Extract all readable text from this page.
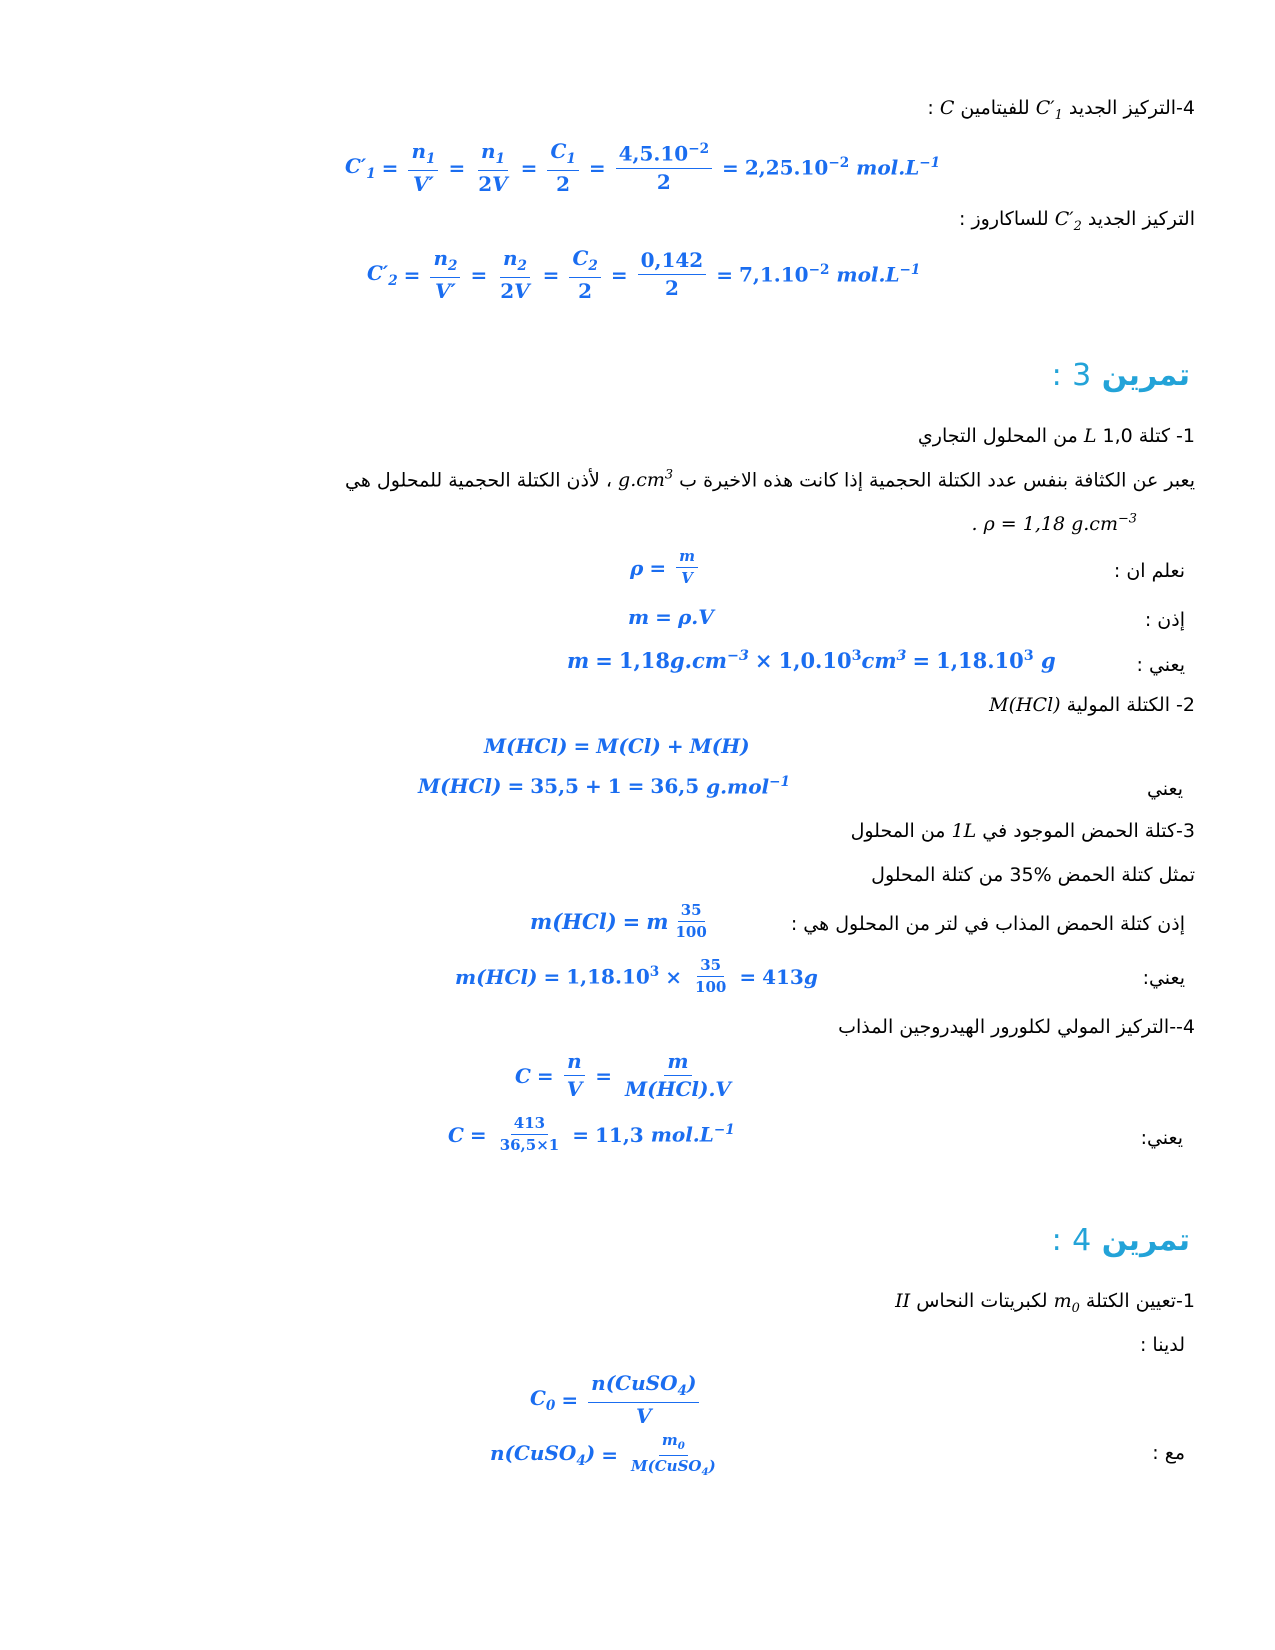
4-التركيز الجديد $C'_1$ للفيتامين C :
$C'_1 = \frac{n_1}{V'} = \frac{n_1}{2V} = \frac{C_1}{2} = \frac{4,5.10^{-2}}{2} = 2,25.10^{-2}$
$mol.L^{-1}$
التركيز الجديد $C'_2$ للساكاروز :
$C'_2 = \frac{n_2}{V'} = \frac{n_2}{2V} = \frac{C_2}{2} = \frac{0,142}{2} = 7,1.10^{-2}$
$mol.L^{-1}$
تمرين 3 :
1- كتلة 1,0 L من المحلول التجاري
يعبر عن الكثافة بنفس عدد الكتلة الحجمية إذا كانت هذه الاخيرة ب $g.cm^3$ ، لأذن الكتلة الحجمية للمحلول هي
. ρ = 1,18 $g.cm^{-3}$
نعلم ان :
$\rho = \frac{m}{V}$
إذن :
m = ρ.V
يعني :
m = 1,18 $g.cm^{-3} \times 1,0.10^3$ $cm^3 = 1,18.10^3$
g
2- الكتلة المولية M(HCl)
M(HCl) = M(Cl) + M(H)
يعني
M(HCl) = 35,5 + 1 = 36,5
g.mol$^{-1}$
3-كتلة الحمض الموجود في 1L من المحلول
تمثل كتلة الحمض %35 من كتلة المحلول
إذن كتلة الحمض المذاب في لتر من المحلول هي :
m(HCl) = m $\frac{35}{100}$
يعني:
$m(HCl) = 1,18.10^3 \times \frac{35}{100} = 413$ g
4--التركيز المولي لكلورور الهيدروجين المذاب
$C = \frac{n}{V} = \frac{m}{\text{M(HCl).V}}$
يعني:
$C = \frac{413}{36,5\times 1} = 11,3$
$mol.L^{-1}$
تمرين 4 :
1-تعيين الكتلة $m_0$ لكبريتات النحاس II
لدينا :
$C_0 = \frac{n(CuSO_4)}{V}$
مع :
n(CuSO$_4$) = $\frac{m_0}{M(CuSO_4)}$
